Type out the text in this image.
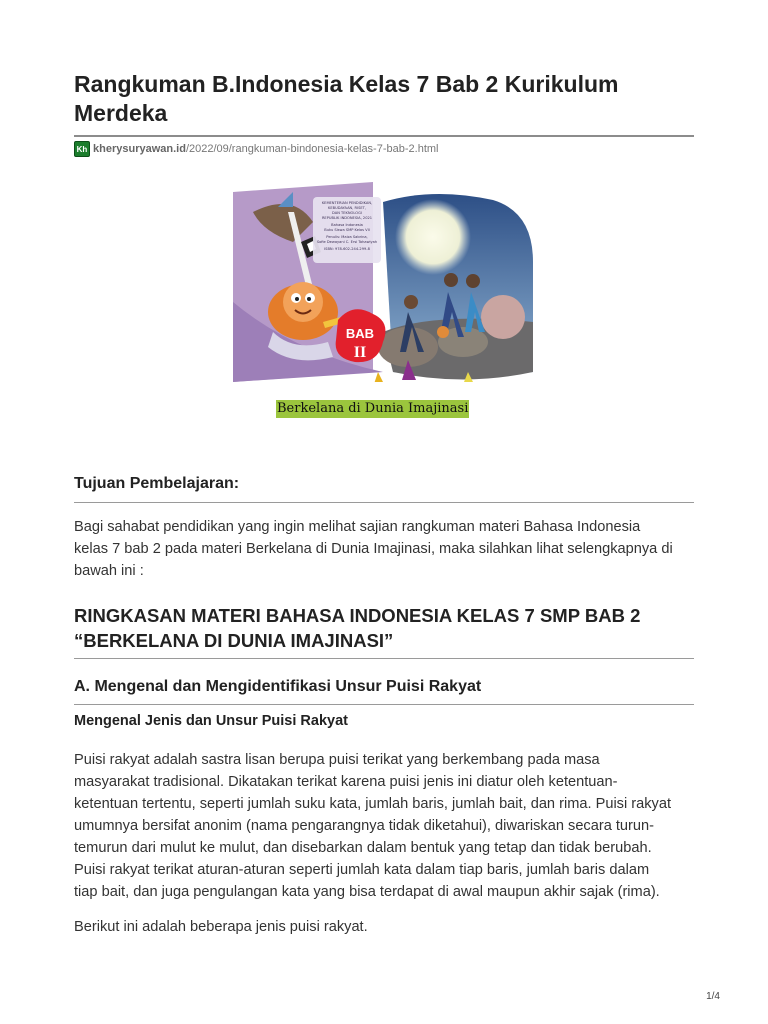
Rangkuman B.Indonesia Kelas 7 Bab 2 Kurikulum Merdeka
Kh kherysuryawan.id /2022/09/rangkuman-bindonesia-kelas-7-bab-2.html
KEMENTERIAN PENDIDIKAN,
KEBUDAYAAN, RISET,
DAN TEKNOLOGI
REPUBLIK INDONESIA, 2021
Bahasa Indonesia
Buku Siswa SMP Kelas VII
Penulis: Maiza Sabrina,
Sofie Dewayani C. Ersi Tahawiyah
ISBN: 978-602-244-299-8
BAB
II
Berkelana di Dunia Imajinasi
Tujuan Pembelajaran:

Bagi sahabat pendidikan yang ingin melihat sajian rangkuman materi Bahasa Indonesia
kelas 7 bab 2 pada materi Berkelana di Dunia Imajinasi, maka silahkan lihat selengkapnya di
bawah ini :

RINGKASAN MATERI BAHASA INDONESIA KELAS 7 SMP BAB 2
“BERKELANA DI DUNIA IMAJINASI”
A. Mengenal dan Mengidentifikasi Unsur Puisi Rakyat
Mengenal Jenis dan Unsur Puisi Rakyat

Puisi rakyat adalah sastra lisan berupa puisi terikat yang berkembang pada masa
masyarakat tradisional. Dikatakan terikat karena puisi jenis ini diatur oleh ketentuan-
ketentuan tertentu, seperti jumlah suku kata, jumlah baris, jumlah bait, dan rima. Puisi rakyat
umumnya bersifat anonim (nama pengarangnya tidak diketahui), diwariskan secara turun-
temurun dari mulut ke mulut, dan disebarkan dalam bentuk yang tetap dan tidak berubah.
Puisi rakyat terikat aturan-aturan seperti jumlah kata dalam tiap baris, jumlah baris dalam
tiap bait, dan juga pengulangan kata yang bisa terdapat di awal maupun akhir sajak (rima).

Berikut ini adalah beberapa jenis puisi rakyat.

1/4
